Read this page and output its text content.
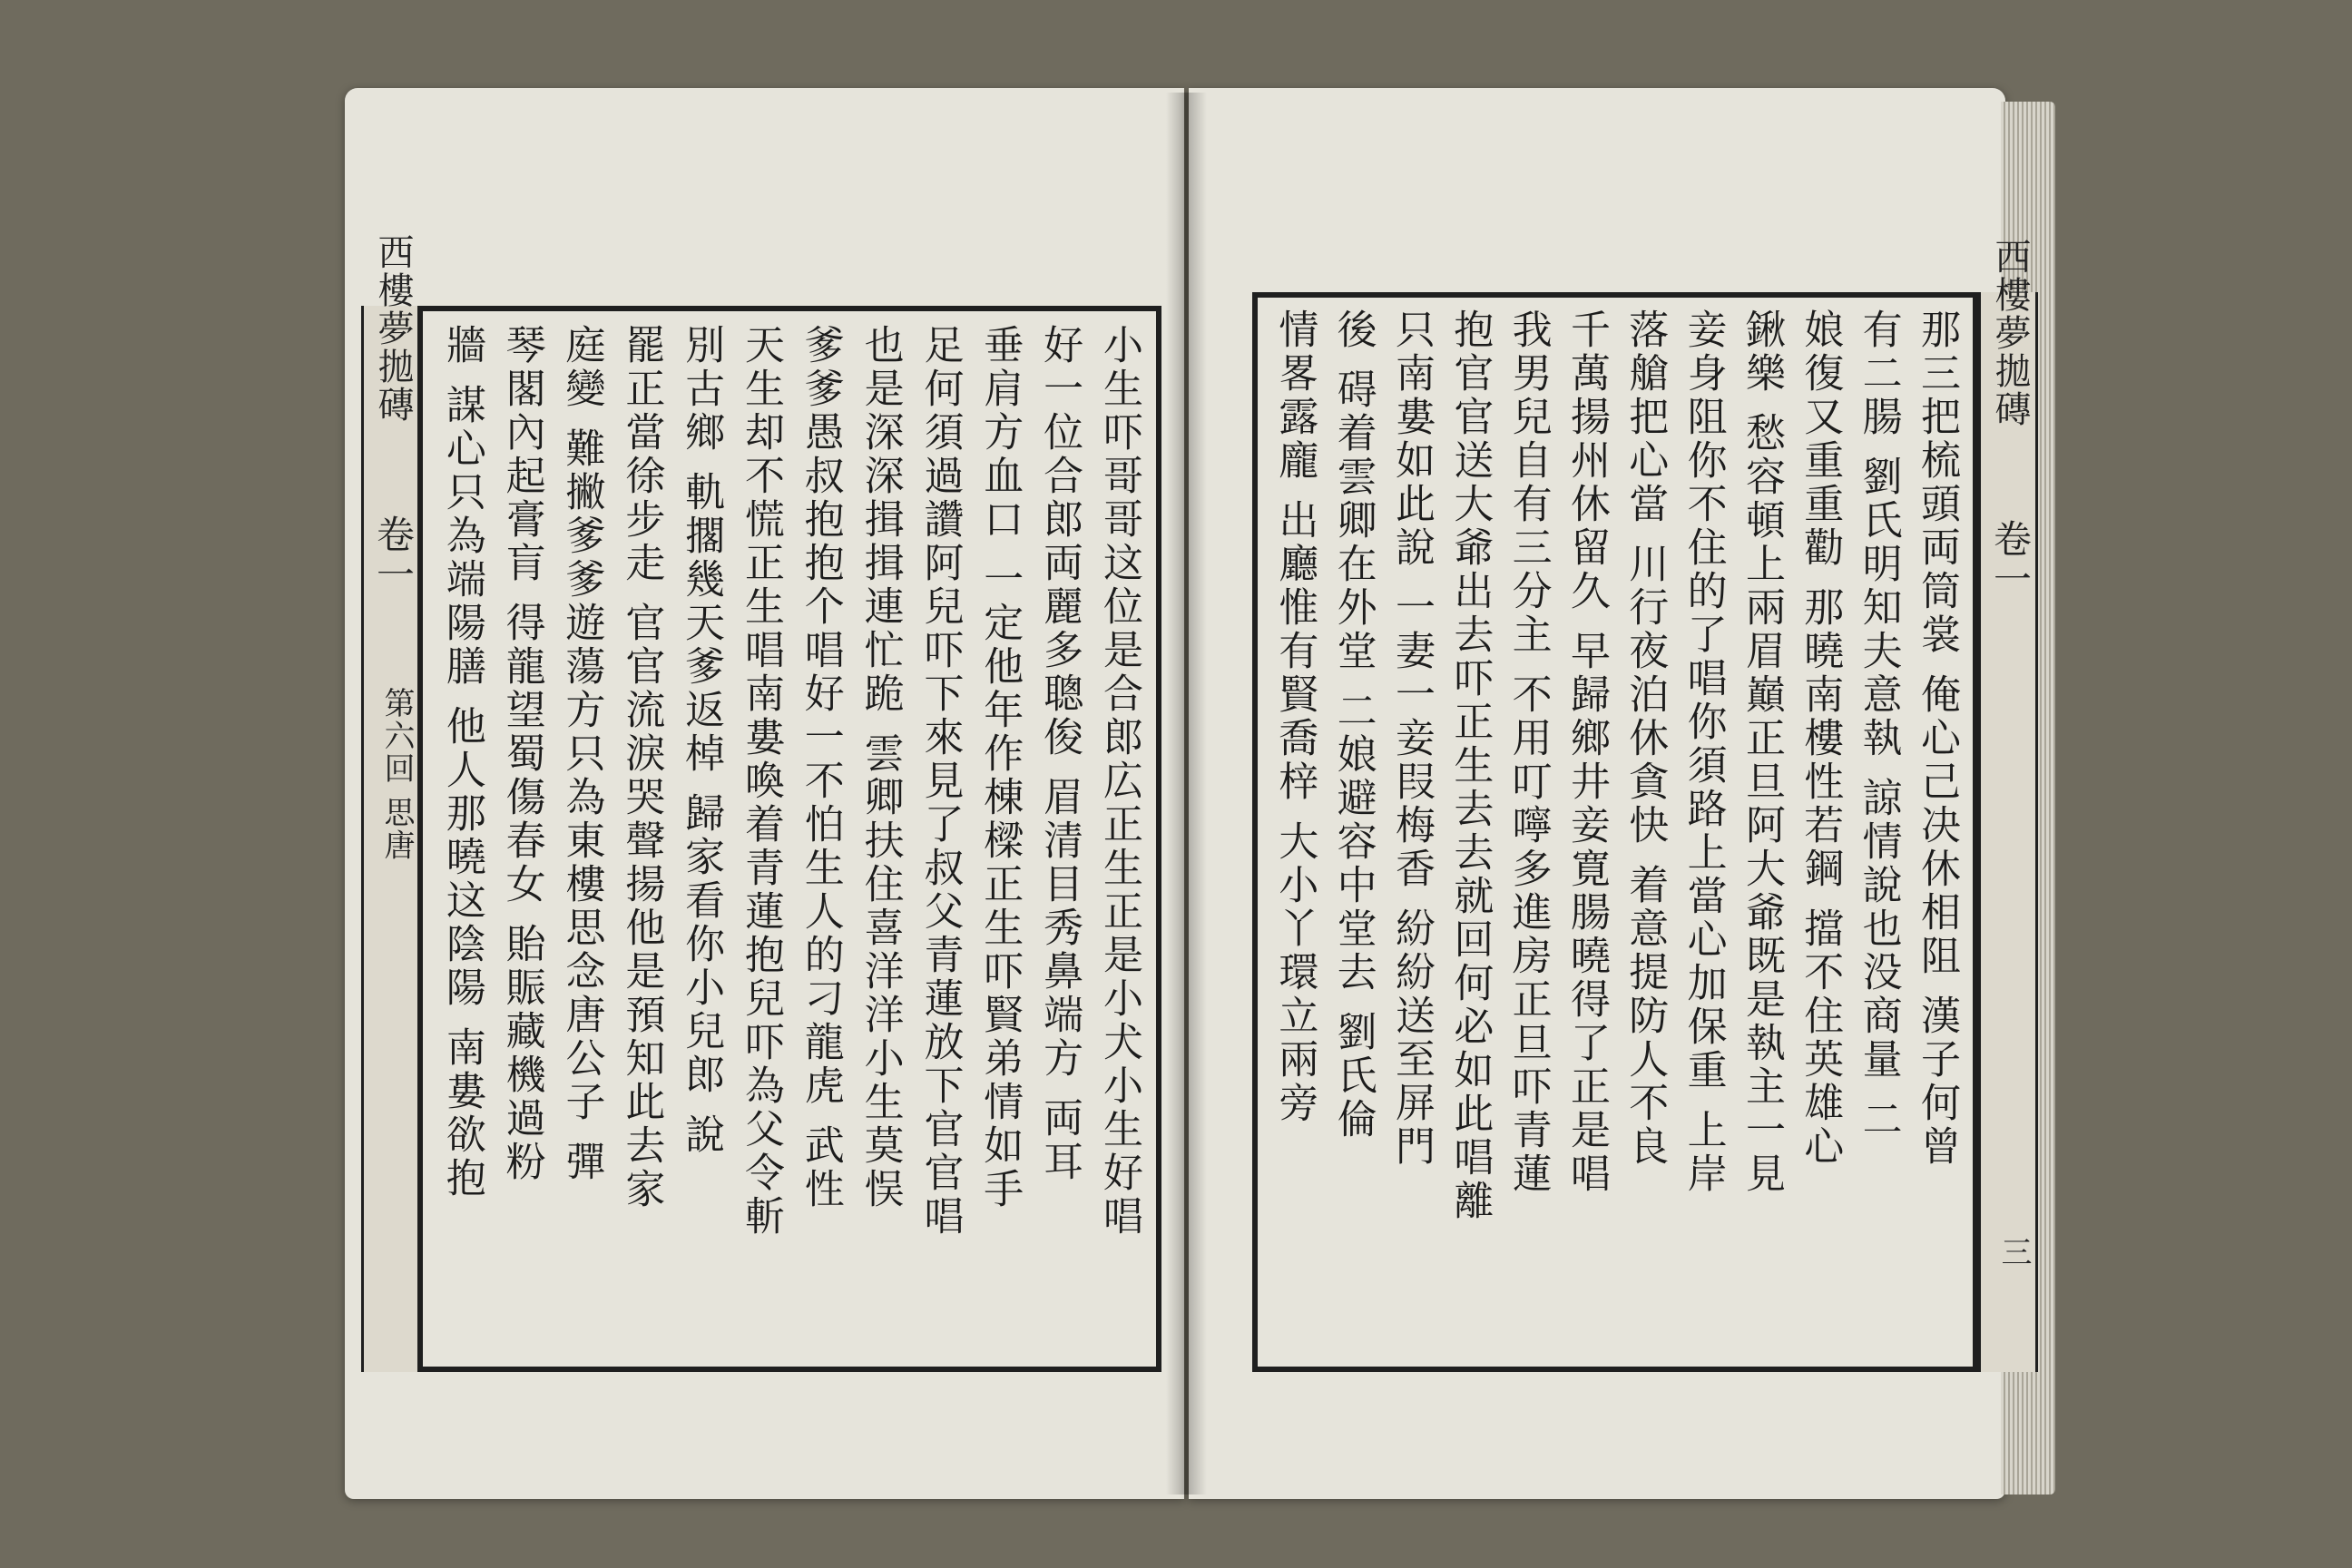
西樓夢拋磚
卷一
第六回 思唐	小生吓哥哥这位是合郎広正生正是小犬小生好唱
好一位合郎両麗多聰俊 眉清目秀鼻端方 両耳
垂肩方血口 一定他年作棟樑正生吓賢弟情如手
足何須過讚阿兒吓下來見了叔父青蓮放下官官唱
也是深深揖揖連忙跪 雲卿扶住喜洋洋小生莫悮
爹爹愚叔抱抱个唱好一不怕生人的刁龍虎 武性
天生却不慌正生唱南婁喚着青蓮抱兒吓為父令斬
別古鄉 軌擱幾天爹返棹 歸家看你小兒郎 說
罷正當徐步走 官官流淚哭聲揚他是預知此去家
庭變 難撇爹爹遊蕩方只為東樓思念唐公子 彈
琴閣內起膏肓 得龍望蜀傷春女 貽賑藏機過粉
牆 謀心只為端陽膳 他人那曉这陰陽 南婁欲抱	那三把梳頭両筒裳 俺心己决休相阻 漢子何曾
有二腸 劉氏明知夫意執 諒情說也没商量 二
娘復又重重勸 那曉南樓性若鋼 擋不住英雄心
鍬樂 愁容頓上兩眉巔正旦阿大爺既是執主一見
妾身阻你不住的了唱你須路上當心加保重 上岸
落艙把心當 川行夜泊休貪快 着意提防人不良
千萬揚州休留久 早歸鄉井妾寛腸曉得了正是唱
我男兒自有三分主 不用叮嚀多進房正旦吓青蓮
抱官官送大爺出去吓正生去去就回何必如此唱離
只南婁如此說 一妻一妾叚梅香 紛紛送至屏門
後 碍着雲卿在外堂 二娘避容中堂去 劉氏倫
情畧露龐 出廳惟有賢喬梓 大小丫環立兩旁	西樓夢拋磚
卷一
三
